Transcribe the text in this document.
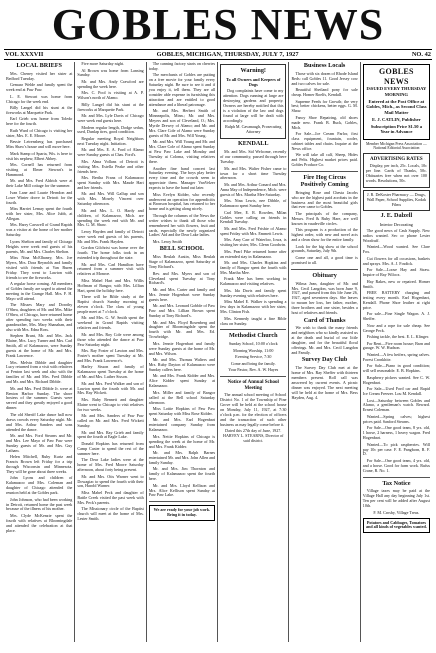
GOBLES NEWS
VOL XXXVII	GOBLES, MICHIGAN, THURSDAY, JULY 7, 1927	NO. 42
LOCAL BRIEFS

Mrs. Cheney visited her sister at Bedford Tuesday.

Gemaar Welde and family spent the week end at Paw Paw.

L. E. Stewart was home from Chicago for the week end.

Billy Langel did his stunt at the fireworks at Marquette Park.

Earl Grieb was home from Toledo here for the fourth.

Ruth Ward of Chicago is visiting her sister, Mrs. E. E. Moore.

Bessie Leirensberg has purchased Miss Shaw's house and will move here.

Mark Stamp of Sparta, Wis. is here to visit his nephew, Elbert Abbey.

Mrs. Cornell has returned from visiting at Elmer Stewart's in Hammond.

Mr. and Mrs. Fred Aldrich were at their Lake Mill cottage for the summer.

Ivan Lane and Laurie Herndon and Lowe Winter drove to Detroit for the fourth.

Miss Harriet Lemay spent the fourth with her sister, Mrs. Alice Jubb, at Allegan.

Mrs. Harry Carswell of Grand Rapids was a visitor at the home of her mother Saturday.

Lyons Shelton and family of Chicago Heights were week end guests of his parents, Mr. and Mrs. Charles Shelton.

Miss Nina McElhaney, Mrs. Joe Myers, Mrs. Dora Reynolds and family visited with friends at Van Buren Friday. They went to Lawton with friends to see the fireworks.

A regular horse coming. All members of Gobles family are urged to attend the meeting in the Grange Hall. Mrs. F. H. Mayo will attend.

The Misses Mary and Dorothy O'Shea, daughters of Mr. and Mrs. Mike O'Shea, of Chicago, have returned home after spending two weeks with their grandmother, Mrs. Mary Shanahan, and also with Mrs. Edna Ross.

Stephen Brunt, Mr. and Mrs. Jack Blaine, Mrs. Lucy Turner and Mrs. Carl Smith, all of Kalamazoo, were Sunday guests at the home of Mr. and Mrs. Frank Lawrence.

Mrs. Melvin Dibble and daughter Lucy returned from a visit with relatives at Fenton last week and also with the families of Mr. and Mrs. Fred Dibble and Mr. and Mrs. Richard Dibble.

Mr. and Mrs. Fred Dibble Jr. were at Benton Harbor Sunday. The shore hostess of the summer. Guests were served and they greatly enjoyed a good dinner.

The old Sheriff Lake dance hall now draws crowds every Saturday night. Mr. and Mrs. Arthur Sanders and sons attended the dance.

Mr. and Mrs. Ford Stearns and Mr. and Mrs. Lee Mayo of Paw Paw were Sunday guests of Mr. and Mrs. Guy Latham.

Helen Mitchell, Ruby Kurtz and Francis Brown left Friday for a trip through Wisconsin and Minnesota. They will be gone about three weeks.

John Lyons and children of Kalamazoo and Mrs. Coleman and daughter of Chicago attended the reunion held at the Gobles park.

John Johnson, who had been working in Detroit, returned home the past week because of the illness of his mother.

Mrs. Clyde McKenzie spent the fourth with relatives at Bloomingdale and attended the celebration at that place.

Five more Saturday night.

Al Brown was home from Lansing Sunday.

Mr. and Mrs. Andy Crawford are spending the week here.

Mrs. C. Pool is visiting at A. P. Wilson's north of Alamo.

Billy Langel did his stunt at the fireworks at Marquette Park.

Mr. and Mrs. Lyle Davis of Chicago were week end guests here.

Modern regular length, Dodge sedan, used, Dunlap tires, good condition.

Regular meeting Royal Neighbors next Tuesday night. Initiation.

Mr. and Mrs. E. A. Ford of Alamo were Sunday guests at Chas. Ford's.

Mrs. Alma Vollans of Detroit is visiting Mrs. Estella Peake and other friends here.

Mrs. Bertha Franz of Kalamazoo spent Sunday with Mrs. Maude Hart and her friends.

Mr. and Mrs. Will Gallup and son with Mrs. Mosely Vincent over Saturday afternoon.

Mr. and Mrs. L. O. Hardy and children, of Kalamazoo, Mich. are spending the week end with Mr. and Mrs. G. M. Shaw.

Leroy Hayden and family of Detroit were week end guests of his parents, Mr. and Mrs. Frank Hayden.

Gordon Gilchrist was home over the fourth. The home folks took in an extended trip throughout the state.

Mr. and Mrs. Carl Hamilton have returned from a summer visit with relatives at Monroe.

Miss Mabel Hart and Mrs. Willis Hoffman of Bangor, with Mrs. Lillian Hart, spent the holiday here.

There will be Bible study at the Baptist church Sunday morning at eleven o'clock. The class of young people meet at 7 o'clock.

Mr. and Mrs. G. W. Smith spent the weekend in Grand Rapids visiting relatives and friends.

Mr. and Mrs. Roy Cole were among those who attended the dance at Paw Paw Saturday night.

Mrs. Ray Foster of Lawton and Mrs. Foster's mother spent Tuesday at Mr. and Mrs. Frank Lawrence's.

Harley Sisson and family of Kalamazoo spent Tuesday at the home of Mr. and Mrs. Luther Sisson.

Mr. and Mrs. Fred Walker and son of Lawton spent the fourth with Mr. and Mrs. Ray Wickett.

Mrs. Ruby Bennett and daughter Elaine went to Chicago to visit relatives for two weeks.

Mr. and Mrs. Sanders of Paw Paw called on Mr. and Mrs. Fred Wickett Sunday.

Mr. and Mrs. Ray Grieb and family spent the fourth at Eagle Lake.

Donald Hopkins has returned from Camp Custer to spend the rest of the summer here.

The Dear Lake ladies were at the home of Mrs. Fred Moore Saturday afternoon, about forty being present.

Mr. and Mrs. Otis Warner went to Dowagiac to spend the fourth with their son, Harold Warner.

Miss Mabel Peck and daughter of Battle Creek visited the past week with Mrs. Peck's parents.

The Missionary circle of the Baptist church will meet at the home of Mrs. Lester Smith.

The canning factory starts on cherries today.

The merchants of Gobles are putting on a free movie for your family every Saturday night. Be sure to see it and if you enjoy it, tell them. They are all consider able expense in furnishing this attraction and are entitled to good attendance and a liberal patronage.

Mr. and Mrs. Herbert Smith of Minneapolis, Minn.; Mr. and Mrs. Meyers and son of Cleveland, O.; Mrs. Myrtle Drewry of Alamo; and Mr. and Mrs. Clare Cole of Alamo were Sunday guests of Mr. and Mrs. Will Young.

Mr. and Mrs. Will Young and Mr. and Mrs. Clare Cole of Alamo spent Sunday at Paw Paw Lake and Monday and Tuesday at Coloma, visiting relatives there.

Another fine band concert last Saturday evening. The boys play better every time and the crowds seem to appreciate them. Manager VanVelzer expects to have the band out later.

Miss Evelyn Kidder, who recently underwent an operation for appendicitis at Bronson hospital, has returned to her home and is getting along nicely.

Through the columns of the News the writer wishes to thank all those who remembered her with flowers, fruit and cards, especially the newly organized Ladies' Aid and the Dear Lake ladies.

Mrs. Leroy Smith

BELL SCHOOL

Miss Beulah Austin, Miss Beulah Stage of Kalamazoo, spent Saturday at Tony Richard's.

Rev. and Mrs. Myers and son of Cleveland spent Tuesday at Tony Richard's.

Mr. and Mrs. Carter and family and Mrs. Jennie Hogenbart were Sunday guests here.

Mr. and Mrs. Leonard Gobble of Paw Paw and Mrs. Lillian Brown spent Sunday at Tony Richard's.

Mr. and Mrs. Floyd Rosenberg and daughter of Bloomingdale spent the fourth with Mr. and Mrs. Ed. Trowbridge.

Mrs. Jennie Hogenbart and family were Sunday guests at the home of Mr. and Mrs. Wilson.

Mr. and Mrs. Thomas Walters and Mrs. Ruby Dayton of Kalamazoo were Sunday callers here.

Mr. and Mrs. Frank Kidder and Mrs. Alice Kidder spent Sunday at Kalamazoo.

Mrs. Miller and family of Bangor called at the Bell school Saturday afternoon.

Miss Lottie Hopkins of Paw Paw spent Saturday with Miss Rose Kidder.

Mr. and Mrs. Earl Hogenbart entertained company Sunday from Kalamazoo.

Mrs. Nettie Hopkins of Chicago is spending the week at the home of Mr. and Mrs. Frank Kidder.

Mr. and Mrs. Ralph Barnes entertained Mr. and Mrs. John Allen and family Sunday.

Mr. and Mrs. Jim Thornton and family of Kalamazoo spent the fourth here.

Mr. and Mrs. Lloyd Kellison and Mrs. Alice Kellison spent Sunday at Paw Paw Lake.

We are ready for your job work. Bring it in today.
Warning!
To all Owners and Keepers of Dogs

Dog complaints have come to my attention. Dogs running at large are destroying gardens and property. Owners are hereby notified that this is a violation of the law and dogs found at large will be dealt with accordingly.

Ralph M. Cavanaugh, Prosecuting Attorney

KENDALL

Mr. and Mrs. Sid Welcome, recently of our community, passed through here Tuesday.

Mr. and Mrs. Walter Fisher came to town for a short time Tuesday afternoon.

Mr. and Mrs. Arthur Conard and Mrs. Anna May of Independence, Mich. were guests of Mrs. Martha Mee Saturday.

Mrs. Nina Lewis, nee Dibble, of Kalamazoo spent Sunday here.

Carl Mee, E. R. Rowden, Milan Gobles were calling on friends in Kendall Tuesday.

Mr. and Mrs. Fred Frisbie of Alamo spent Friday with Mrs. Emmett Lewis.

Mrs. Amy Carr of Waterloo, Iowa, is visiting her sister, Mrs. Glenn Goodwin.

Mrs. Pearl Pike returned home after an extended stay in Kalamazoo.

Mr. and Mrs. Charles Hopkins and family of Bangor spent the fourth with Mrs. Martha Mee.

Frank Mee has been working in Kalamazoo and visiting relatives.

Mrs. Ida Davis and family spent Sunday evening with relatives here.

Miss Mabel E. Walker is spending a few days in Kalamazoo with her sister, Mrs. Clinton Fish.

Mrs. Kennedy taught a fine Bible class on Sunday.

Methodist Church

Sunday School, 10:00 o'clock

Morning Worship, 11:00

Evening Service, 7:30

Come and bring the family.

Your Pastor, Rev. A. W. Hayes

Notice of Annual School Meeting

The annual school meeting of School District No. 1 of the Township of Pine Grove will be held at the school house on Monday, July 11, 1927, at 7:30 o'clock p.m. for the election of officers and the transaction of such other business as may legally come before it.

Dated this 27th day of June, 1927. HARVEY L. STEARNS, Director of said district.

Business Locals

Those with six dozen of Rhode Island Reds: call Gobles 11. Good Jersey cow and two calves for sale.

Beautiful Shetland pony for sale cheap. Homer Roelfs, Kendall.

Supreme Feeds for Growth; the very best; better chickens, better eggs. G. M. Shaw.

Fancy Shoe Repairing, old shoes made new. Frank B. Buck, Gobles, Mich.

For Sale—Ice Cream Parlor, first class equipment, fountain, cooler, cabinet tables and chairs. Inquire at the News office.

We will take all calf, Sheep, Hides and Pelts. Highest market prices paid. Gobles Produce Co.

Fire Hog Circus Positively Coming

Bringing Rose and Chesta Jacobs who are the highest paid acrobats in the business and the most beautiful girls that ever came to Gobles.

The principals of the company, Messrs. Fred & Ruby Hare, are well known in vaudeville circles.

This program is a production of the highest order, with new and novel acts and a clean show for the entire family.

Look for the big show at the school grounds, Saturday, July 9th.

Come one and all, a good time is promised to all.

Obituary

Wilma Jean, daughter of Mr. and Mrs. Cecil Langdon, was born June 9, 1927, and passed from this life June 26, 1927, aged seventeen days. She leaves to mourn her loss, her father, mother, three brothers and one sister, besides a host of relatives and friends.

Card of Thanks

We wish to thank the many friends and neighbors who so kindly assisted us at the death and burial of our little daughter, and for the beautiful floral offerings. Mr. and Mrs. Cecil Langdon and Family.

Survey Day Club

The Survey Day Club met at the home of Mrs. Ray Sheffer with thirteen members present. Roll call was answered by current events. A picnic dinner was enjoyed. The next meeting will be held at the home of Mrs. Bess Hayden, Aug. 4.

GOBLES NEWS

ISSUED EVERY THURSDAY MORNING

Entered at the Post Office at Gobles, Mich., as Second Class Mail Matter

E. J. CATLIN, Publisher

Subscription Price $1.50 a Year in Advance

Member Michigan Press Association — National Editorial Association

ADVERTISING RATES

Display, per inch, 25c. Locals, 10c per line. Cards of Thanks, 50c. Obituaries free when not over 100 words. Resolutions, 50c.

J. R. DeKoster Pharmacy — Drugs, Wall Paper, School Supplies, Kodak Films
J. E. Dalzell
Interior Decorating

The good news of Cash Supply. New radios wanted. Sec or phone Lester Woodruff.

Wanted—Wood wanted. See Clare Fox.

Cut flowers for all occasions, baskets and sprays. Mrs. A. J. Fosdick.

For Sale—Loose Hay and Straw. Inquire of Ray Wilcox.

Hay Rakes, new or repaired. Homer Smith.

FREE BATTERY charging and testing every month. Earl Hogenbart, Kendall. Phone Shoe leather at right price.

For sale—Fine Single Wagon. A. J. Sheffer.

Now and a rope for sale cheap. See George Peck.

Fishing tackle, the best. E. L. Klinger.

For Rent—Five room house; Barn and garage. W. W. Hudson.

Wanted—A few heifers, spring calves. Forest Cronkhite.

For Sale—Piano in good condition; will sell reasonable. E. B. Hopkins.

Raspberry pickers wanted. See C. W. Hogenbart.

For Sale—Used Ford car and Rapid Ice Cream Freezer. Lou M. Kendall.

Lost—Saturday between Gobles and Alamo, a gentleman's watch. Reward. Ernest Coleman.

Wanted—Spring calves; highest prices paid. Sanford Stearns.

For Sale—One good team, 8 yrs. old, 1 horse, 2 harness, 1 heavy wagon. Fred Hogenbart.

Wanted—To pick raspberries. Will pay 10c per case. F. E. Pangborn, R. F. D.

For Sale—One good team, 4 yrs. old, and a horse. Good for farm work. Rufus Crane, R. No. 1.

Tax Notice

Village taxes may be paid at the Village Hall any day beginning July 1st. Ten per cent will be added after August 10th.

F. M. Crosby, Village Treas.

Potatoes and Cabbages, Tomatoes and all kinds of vegetables wanted.
